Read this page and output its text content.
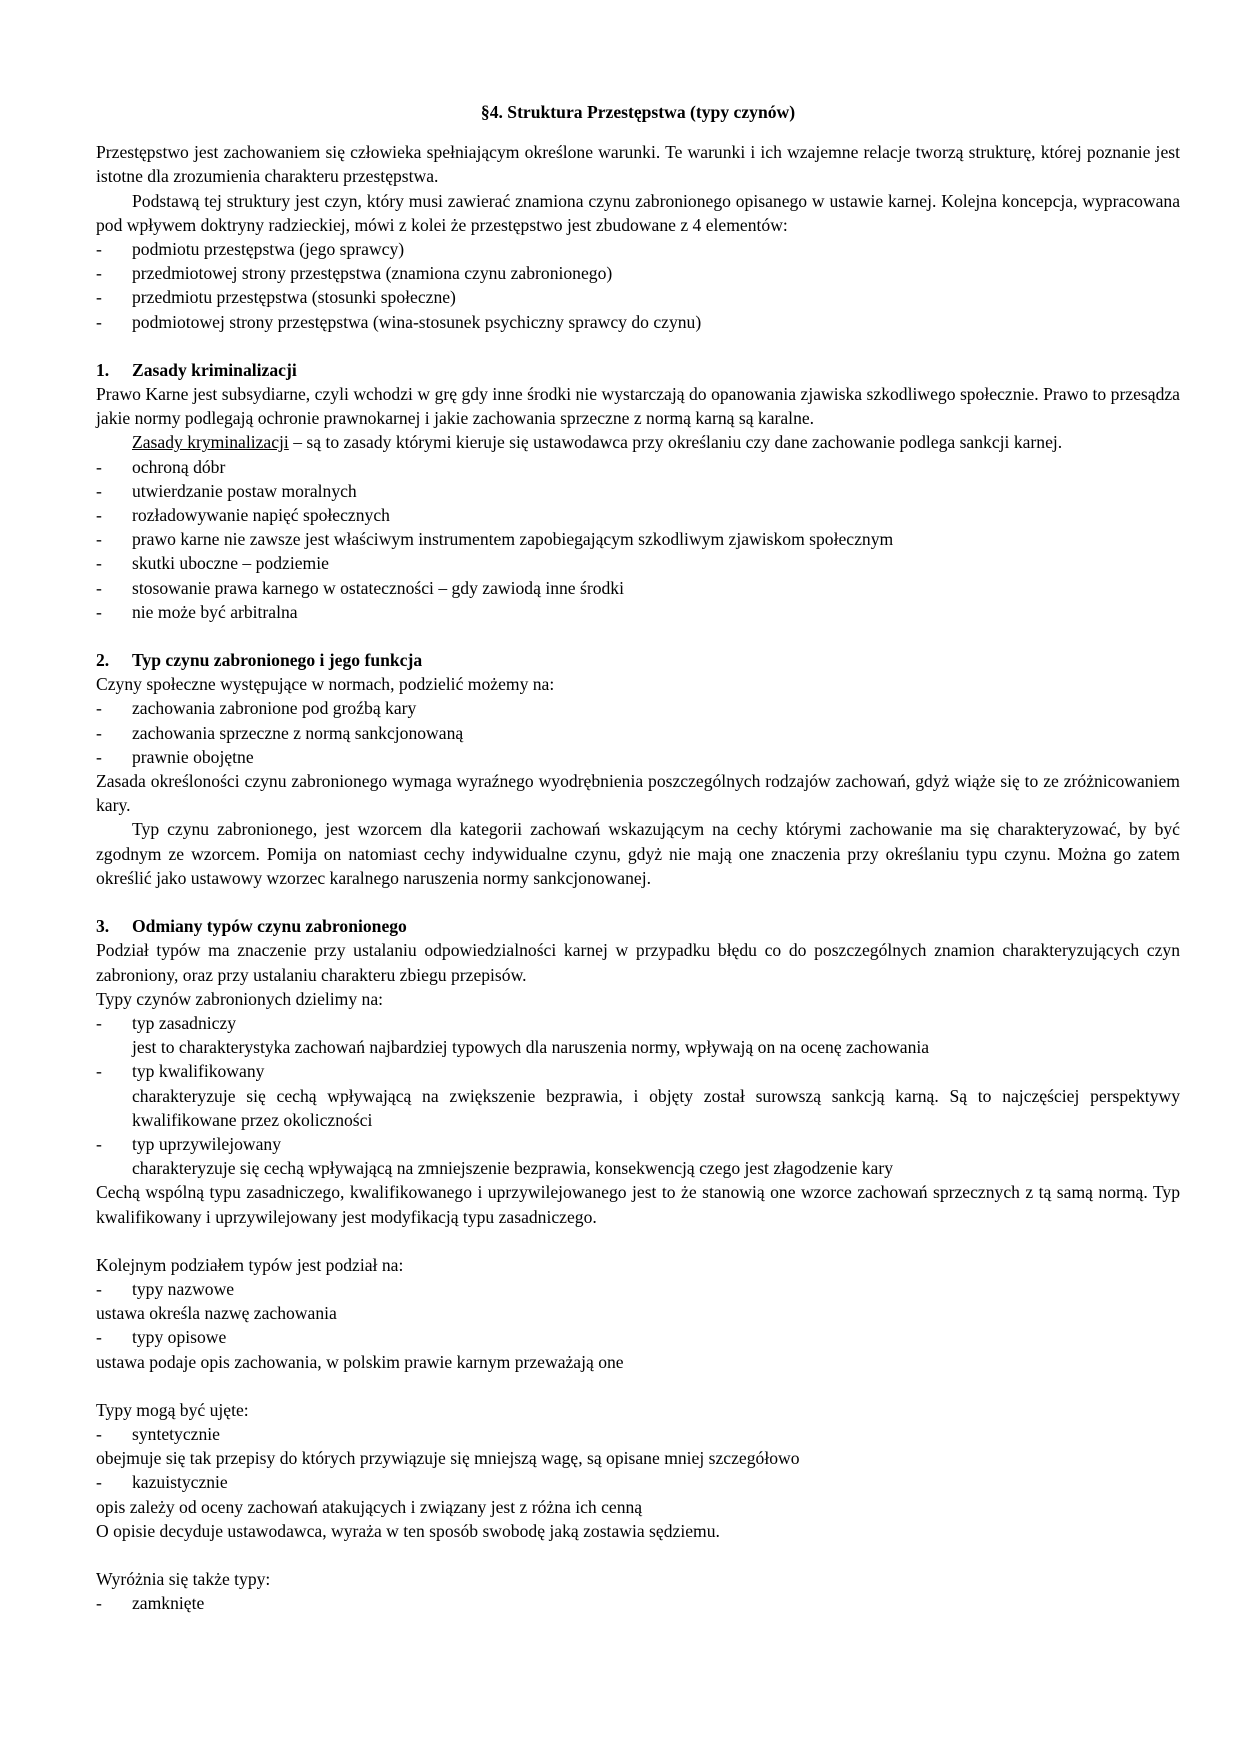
§4. Struktura Przestępstwa (typy czynów)

Przestępstwo jest zachowaniem się człowieka spełniającym określone warunki. Te warunki i ich wzajemne relacje tworzą strukturę, której poznanie jest istotne dla zrozumienia charakteru przestępstwa.

Podstawą tej struktury jest czyn, który musi zawierać znamiona czynu zabronionego opisanego w ustawie karnej. Kolejna koncepcja, wypracowana pod wpływem doktryny radzieckiej, mówi z kolei że przestępstwo jest zbudowane z 4 elementów:

-	podmiotu przestępstwa (jego sprawcy)
-	przedmiotowej strony przestępstwa (znamiona czynu zabronionego)
-	przedmiotu przestępstwa (stosunki społeczne)
-	podmiotowej strony przestępstwa (wina-stosunek psychiczny sprawcy do czynu)
1.	Zasady kriminalizacji

Prawo Karne jest subsydiarne, czyli wchodzi w grę gdy inne środki nie wystarczają do opanowania zjawiska szkodliwego społecznie. Prawo to przesądza jakie normy podlegają ochronie prawnokarnej i jakie zachowania sprzeczne z normą karną są karalne.

Zasady kryminalizacji – są to zasady którymi kieruje się ustawodawca przy określaniu czy dane zachowanie podlega sankcji karnej.

-	ochroną dóbr
-	utwierdzanie postaw moralnych
-	rozładowywanie napięć społecznych
-	prawo karne nie zawsze jest właściwym instrumentem zapobiegającym szkodliwym zjawiskom społecznym
-	skutki uboczne – podziemie
-	stosowanie prawa karnego w ostateczności – gdy zawiodą inne środki
-	nie może być arbitralna
2.	Typ czynu zabronionego i jego funkcja

Czyny społeczne występujące w normach, podzielić możemy na:

-	zachowania zabronione pod groźbą kary
-	zachowania sprzeczne z normą sankcjonowaną
-	prawnie obojętne

Zasada określoności czynu zabronionego wymaga wyraźnego wyodrębnienia poszczególnych rodzajów zachowań, gdyż wiąże się to ze zróżnicowaniem kary.

Typ czynu zabronionego, jest wzorcem dla kategorii zachowań wskazującym na cechy którymi zachowanie ma się charakteryzować, by być zgodnym ze wzorcem. Pomija on natomiast cechy indywidualne czynu, gdyż nie mają one znaczenia przy określaniu typu czynu. Można go zatem określić jako ustawowy wzorzec karalnego naruszenia normy sankcjonowanej.

3.	Odmiany typów czynu zabronionego

Podział typów ma znaczenie przy ustalaniu odpowiedzialności karnej w przypadku błędu co do poszczególnych znamion charakteryzujących czyn zabroniony, oraz przy ustalaniu charakteru zbiegu przepisów.

Typy czynów zabronionych dzielimy na:

-	typ zasadniczy
jest to charakterystyka zachowań najbardziej typowych dla naruszenia normy, wpływają on na ocenę zachowania
-	typ kwalifikowany
charakteryzuje się cechą wpływającą na zwiększenie bezprawia, i objęty został surowszą sankcją karną. Są to najczęściej perspektywy kwalifikowane przez okoliczności
-	typ uprzywilejowany
charakteryzuje się cechą wpływającą na zmniejszenie bezprawia, konsekwencją czego jest złagodzenie kary

Cechą wspólną typu zasadniczego, kwalifikowanego i uprzywilejowanego jest to że stanowią one wzorce zachowań sprzecznych z tą samą normą. Typ kwalifikowany i uprzywilejowany jest modyfikacją typu zasadniczego.

Kolejnym podziałem typów jest podział na:

-	typy nazwowe

ustawa określa nazwę zachowania

-	typy opisowe

ustawa podaje opis zachowania, w polskim prawie karnym przeważają one

Typy mogą być ujęte:

-	syntetycznie

obejmuje się tak przepisy do których przywiązuje się mniejszą wagę, są opisane mniej szczegółowo

-	kazuistycznie

opis zależy od oceny zachowań atakujących i związany jest z różna ich cenną

O opisie decyduje ustawodawca, wyraża w ten sposób swobodę jaką zostawia sędziemu.

Wyróżnia się także typy:

-	zamknięte
